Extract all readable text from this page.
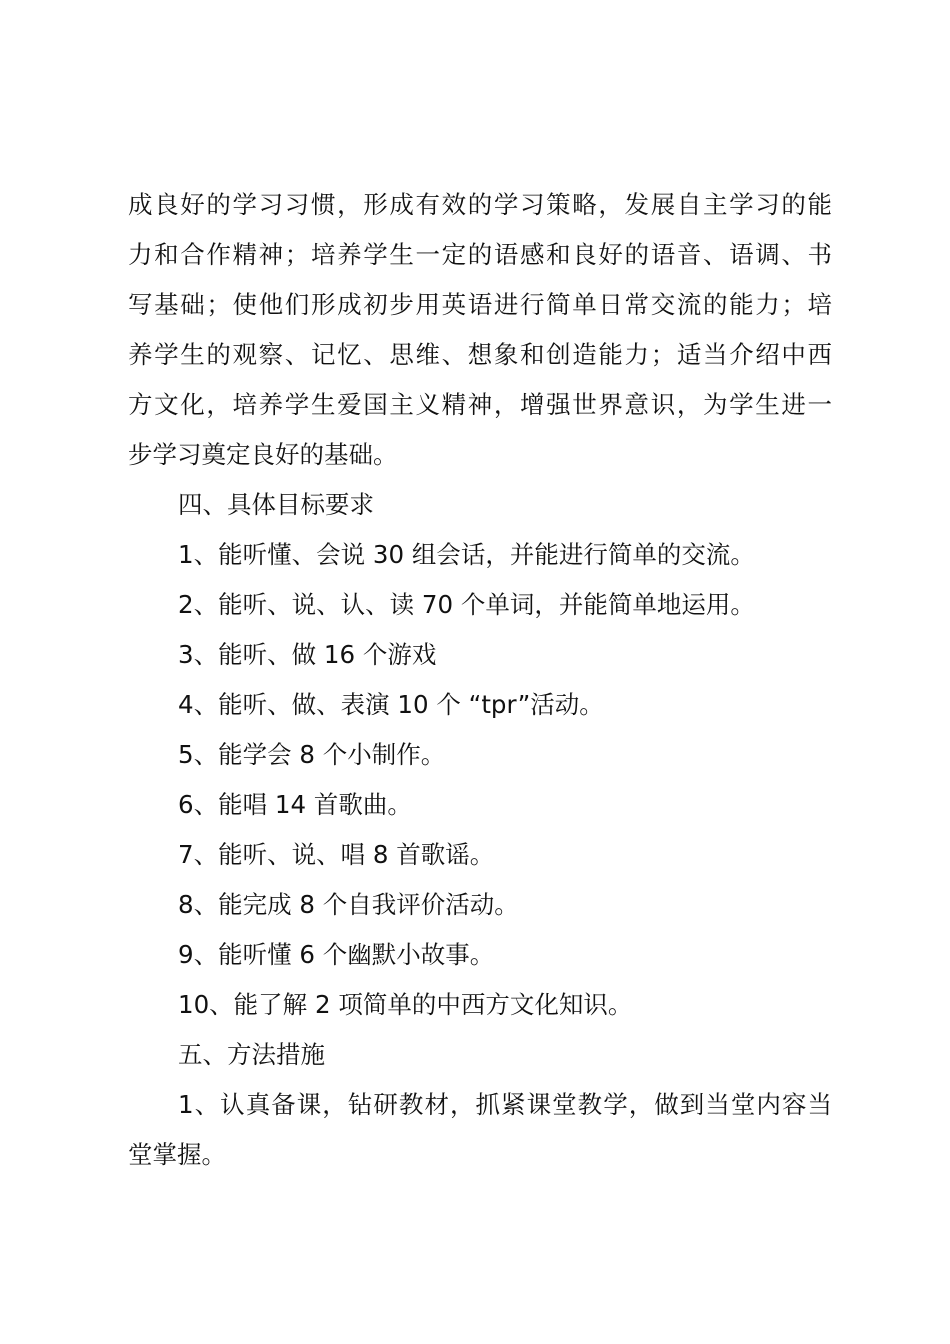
成良好的学习习惯，形成有效的学习策略，发展自主学习的能
力和合作精神；培养学生一定的语感和良好的语音、语调、书
写基础；使他们形成初步用英语进行简单日常交流的能力；培
养学生的观察、记忆、思维、想象和创造能力；适当介绍中西
方文化，培养学生爱国主义精神，增强世界意识，为学生进一
步学习奠定良好的基础。
四、具体目标要求
1、能听懂、会说 30 组会话，并能进行简单的交流。
2、能听、说、认、读 70 个单词，并能简单地运用。
3、能听、做 16 个游戏
4、能听、做、表演 10 个 “tpr”活动。
5、能学会 8 个小制作。
6、能唱 14 首歌曲。
7、能听、说、唱 8 首歌谣。
8、能完成 8 个自我评价活动。
9、能听懂 6 个幽默小故事。
10、能了解 2 项简单的中西方文化知识。
五、方法措施
1、认真备课，钻研教材，抓紧课堂教学，做到当堂内容当
堂掌握。
